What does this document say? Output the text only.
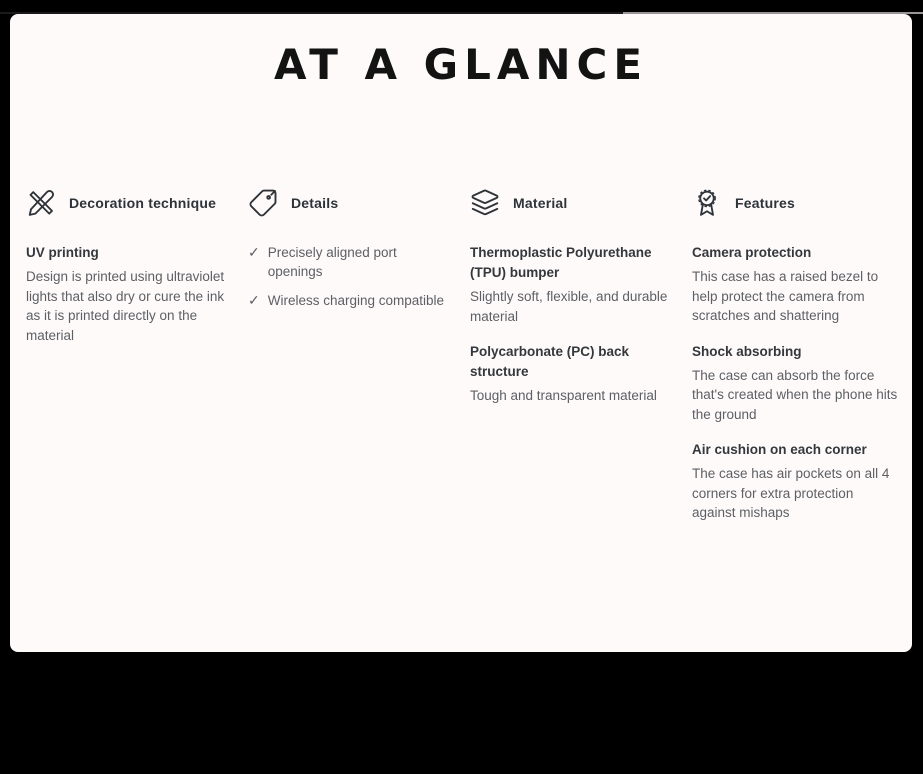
AT A GLANCE
Decoration technique
UV printing

Design is printed using ultraviolet lights that also dry or cure the ink as it is printed directly on the material

Details
✓ Precisely aligned port openings
✓ Wireless charging compatible
Material
Thermoplastic Polyurethane (TPU) bumper

Slightly soft, flexible, and durable material

Polycarbonate (PC) back structure

Tough and transparent material

Features
Camera protection

This case has a raised bezel to help protect the camera from scratches and shattering

Shock absorbing

The case can absorb the force that's created when the phone hits the ground

Air cushion on each corner

The case has air pockets on all 4 corners for extra protection against mishaps
